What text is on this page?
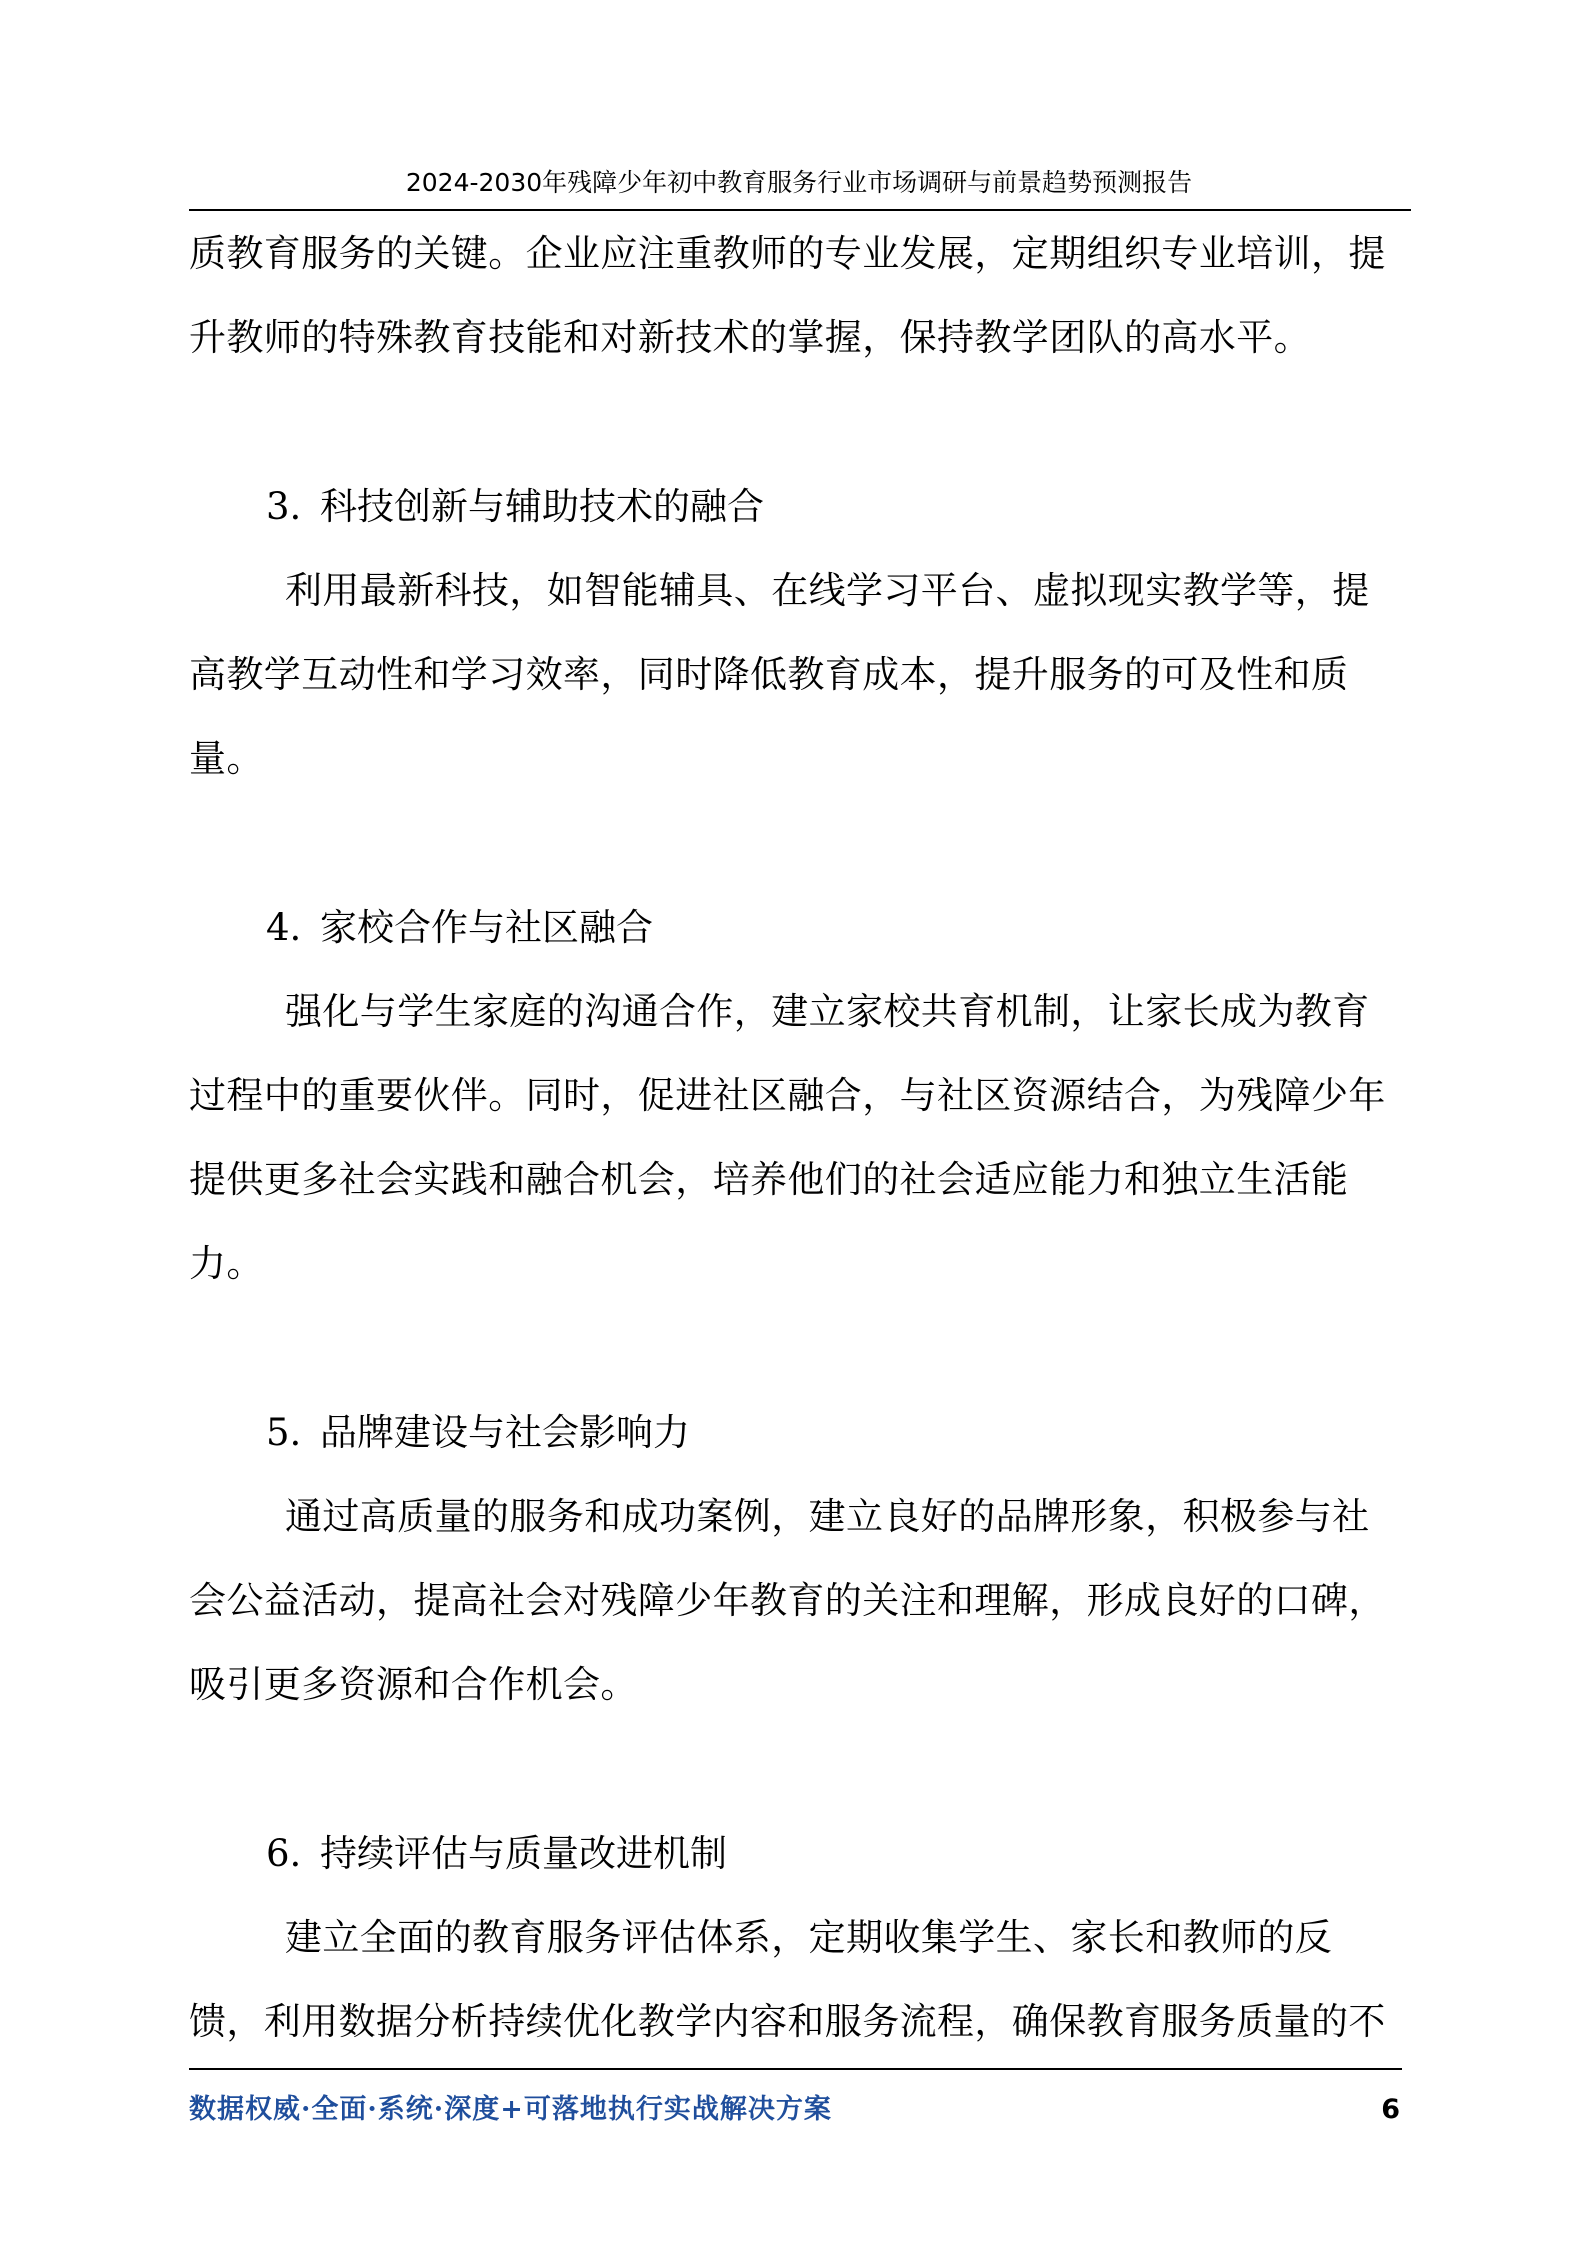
2024-2030年残障少年初中教育服务行业市场调研与前景趋势预测报告
质教育服务的关键。企业应注重教师的专业发展，定期组织专业培训，提
升教师的特殊教育技能和对新技术的掌握，保持教学团队的高水平。
3. 科技创新与辅助技术的融合
利用最新科技，如智能辅具、在线学习平台、虚拟现实教学等，提
高教学互动性和学习效率，同时降低教育成本，提升服务的可及性和质
量。
4. 家校合作与社区融合
强化与学生家庭的沟通合作，建立家校共育机制，让家长成为教育
过程中的重要伙伴。同时，促进社区融合，与社区资源结合，为残障少年
提供更多社会实践和融合机会，培养他们的社会适应能力和独立生活能
力。
5. 品牌建设与社会影响力
通过高质量的服务和成功案例，建立良好的品牌形象，积极参与社
会公益活动，提高社会对残障少年教育的关注和理解，形成良好的口碑，
吸引更多资源和合作机会。
6. 持续评估与质量改进机制
建立全面的教育服务评估体系，定期收集学生、家长和教师的反
馈，利用数据分析持续优化教学内容和服务流程，确保教育服务质量的不
数据权威·全面·系统·深度+可落地执行实战解决方案	6
